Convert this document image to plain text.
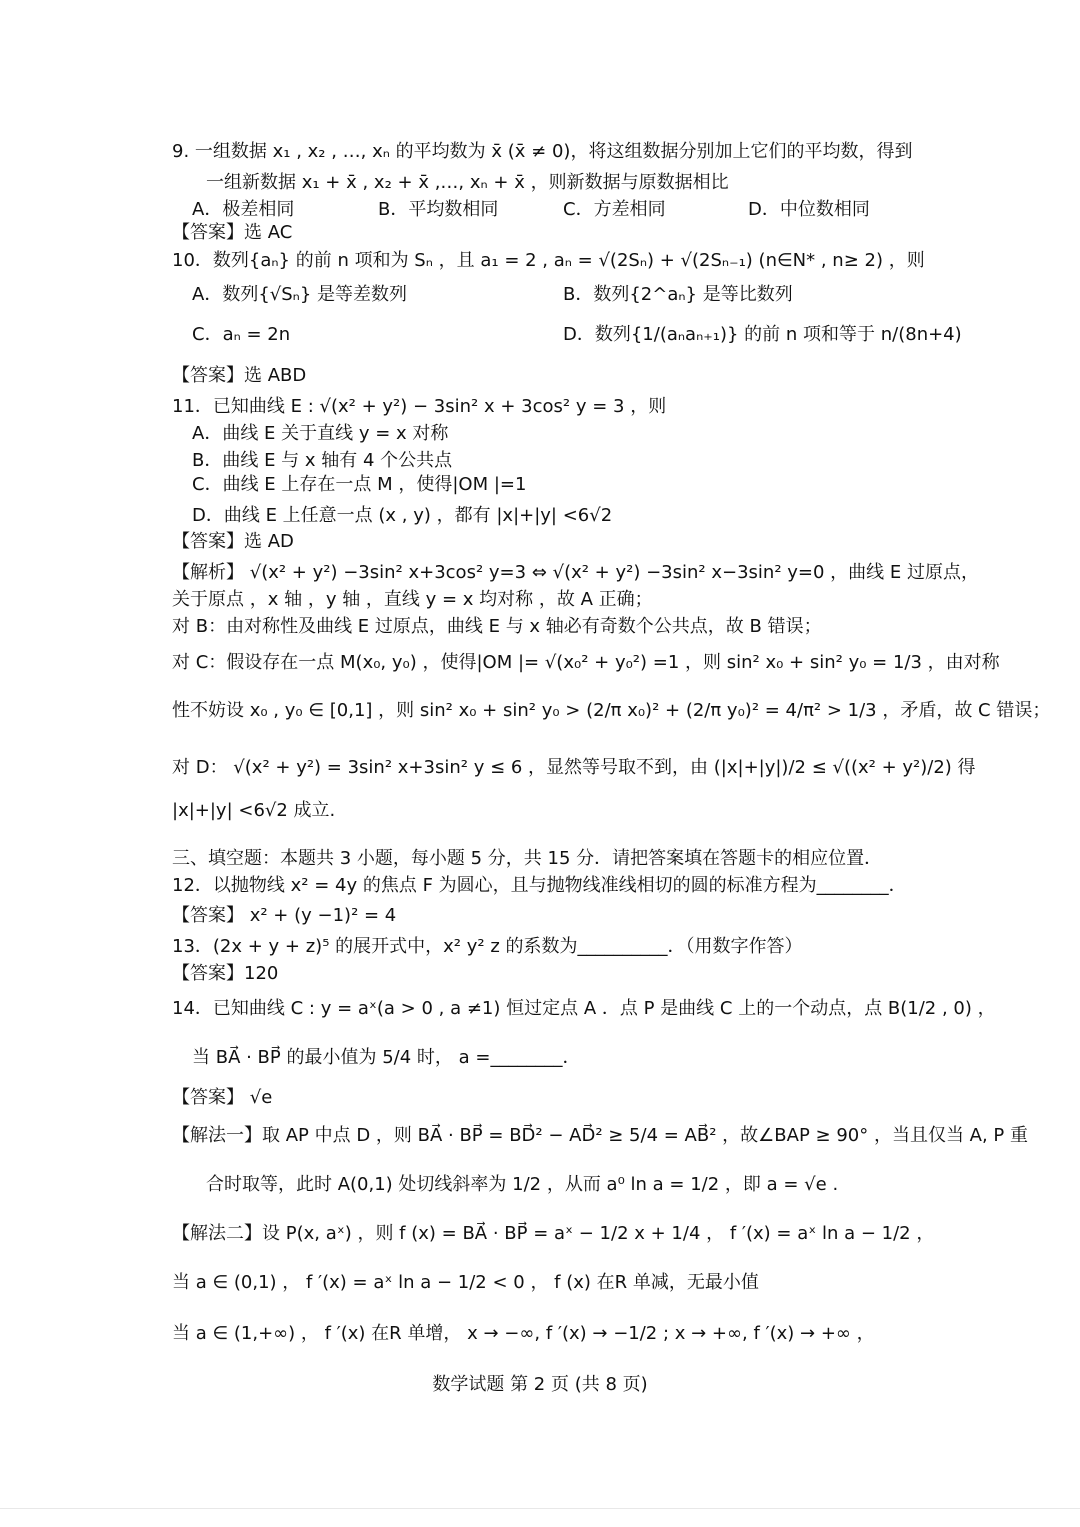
9. 一组数据 x₁ , x₂ , …, xₙ 的平均数为 x̄ (x̄ ≠ 0)，将这组数据分别加上它们的平均数，得到
一组新数据 x₁ + x̄ , x₂ + x̄ ,…, xₙ + x̄ ，则新数据与原数据相比
A．极差相同	B．平均数相同	C．方差相同	D．中位数相同
【答案】选 AC
10．数列{aₙ} 的前 n 项和为 Sₙ ，且 a₁ = 2 , aₙ = √(2Sₙ) + √(2Sₙ₋₁) (n∈N* , n≥ 2) ，则
A．数列{√Sₙ} 是等差数列	B．数列{2^aₙ} 是等比数列
C．aₙ = 2n	D．数列{1/(aₙaₙ₊₁)} 的前 n 项和等于 n/(8n+4)
【答案】选 ABD
11．已知曲线 E : √(x² + y²) − 3sin² x + 3cos² y = 3 ，则
A．曲线 E 关于直线 y = x 对称
B．曲线 E 与 x 轴有 4 个公共点
C．曲线 E 上存在一点 M ，使得|OM |=1
D．曲线 E 上任意一点 (x , y) ，都有 |x|+|y| <6√2
【答案】选 AD
【解析】 √(x² + y²) −3sin² x+3cos² y=3 ⇔ √(x² + y²) −3sin² x−3sin² y=0 ，曲线 E 过原点，
关于原点 ，x 轴 ，y 轴 ，直线 y = x 均对称 ，故 A 正确；
对 B：由对称性及曲线 E 过原点，曲线 E 与 x 轴必有奇数个公共点，故 B 错误；
对 C：假设存在一点 M(x₀, y₀) ，使得|OM |= √(x₀² + y₀²) =1 ，则 sin² x₀ + sin² y₀ = 1/3 ，由对称
性不妨设 x₀ , y₀ ∈ [0,1] ，则 sin² x₀ + sin² y₀ > (2/π x₀)² + (2/π y₀)² = 4/π² > 1/3 ，矛盾，故 C 错误；
对 D： √(x² + y²) = 3sin² x+3sin² y ≤ 6 ，显然等号取不到，由 (|x|+|y|)/2 ≤ √((x² + y²)/2) 得
|x|+|y| <6√2 成立.
三、填空题：本题共 3 小题，每小题 5 分，共 15 分．请把答案填在答题卡的相应位置．
12．以抛物线 x² = 4y 的焦点 F 为圆心，且与抛物线准线相切的圆的标准方程为________．
【答案】 x² + (y −1)² = 4
13．(2x + y + z)⁵ 的展开式中，x² y² z 的系数为__________．（用数字作答）
【答案】120
14．已知曲线 C : y = aˣ(a > 0 , a ≠1) 恒过定点 A ．点 P 是曲线 C 上的一个动点，点 B(1/2 , 0) ，
当 BA⃗ · BP⃗ 的最小值为 5/4 时， a =________．
【答案】 √e
【解法一】取 AP 中点 D ，则 BA⃗ · BP⃗ = BD⃗² − AD⃗² ≥ 5/4 = AB⃗² ，故∠BAP ≥ 90° ，当且仅当 A, P 重
合时取等，此时 A(0,1) 处切线斜率为 1/2 ，从而 a⁰ ln a = 1/2 ，即 a = √e .
【解法二】设 P(x, aˣ) ，则 f (x) = BA⃗ · BP⃗ = aˣ − 1/2 x + 1/4 ， f ′(x) = aˣ ln a − 1/2 ，
当 a ∈ (0,1) ， f ′(x) = aˣ ln a − 1/2 < 0 ， f (x) 在R 单减，无最小值
当 a ∈ (1,+∞) ， f ′(x) 在R 单增， x → −∞, f ′(x) → −1/2 ; x → +∞, f ′(x) → +∞ ，
数学试题 第 2 页 (共 8 页)
